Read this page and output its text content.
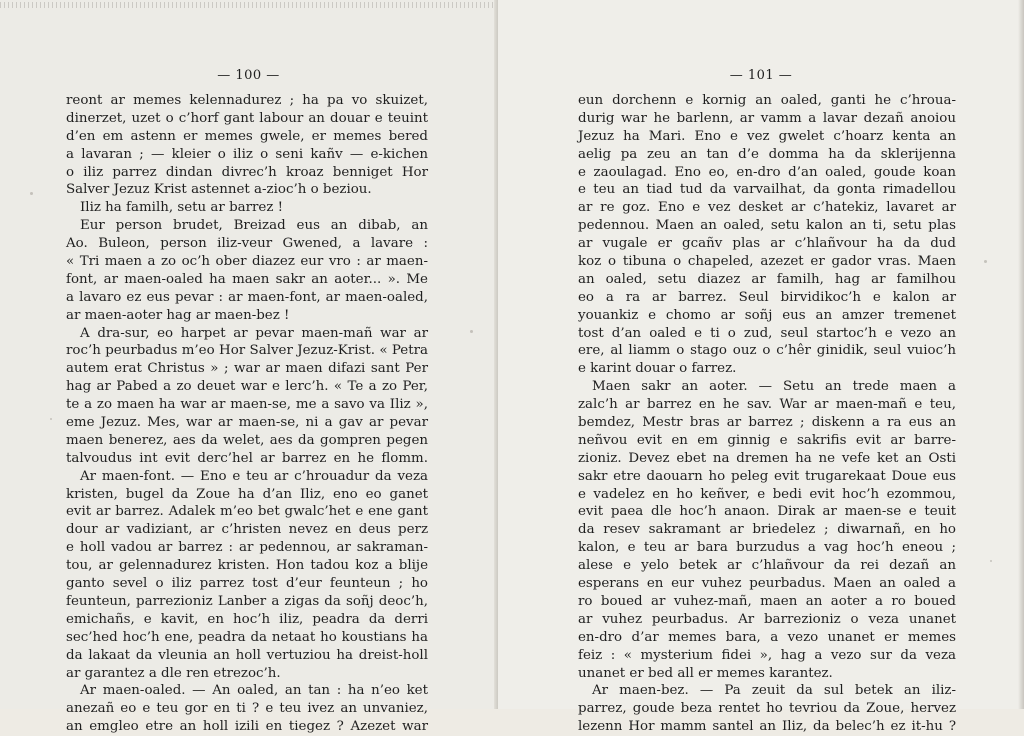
— 100 —
reont ar memes kelennadurez ; ha pa vo skuizet,
dinerzet, uzet o c’horf gant labour an douar e teuint
d’en em astenn er memes gwele, er memes bered
a lavaran ; — kleier o iliz o seni kañv — e-kichen
o iliz parrez dindan divrec’h kroaz benniget Hor
Salver Jezuz Krist astennet a-zioc’h o beziou.
Iliz ha familh, setu ar barrez !
Eur person brudet, Breizad eus an dibab, an
Ao. Buleon, person iliz-veur Gwened, a lavare :
« Tri maen a zo oc’h ober diazez eur vro : ar maen-
font, ar maen-oaled ha maen sakr an aoter... ». Me
a lavaro ez eus pevar : ar maen-font, ar maen-oaled,
ar maen-aoter hag ar maen-bez !
A dra-sur, eo harpet ar pevar maen-mañ war ar
roc’h peurbadus m’eo Hor Salver Jezuz-Krist. « Petra
autem erat Christus » ; war ar maen difazi sant Per
hag ar Pabed a zo deuet war e lerc’h. « Te a zo Per,
te a zo maen ha war ar maen-se, me a savo va Iliz »,
eme Jezuz. Mes, war ar maen-se, ni a gav ar pevar
maen benerez, aes da welet, aes da gompren pegen
talvoudus int evit derc’hel ar barrez en he flomm.
Ar maen-font. — Eno e teu ar c’hrouadur da veza
kristen, bugel da Zoue ha d’an Iliz, eno eo ganet
evit ar barrez. Adalek m’eo bet gwalc’het e ene gant
dour ar vadiziant, ar c’hristen nevez en deus perz
e holl vadou ar barrez : ar pedennou, ar sakraman-
tou, ar gelennadurez kristen. Hon tadou koz a blije
ganto sevel o iliz parrez tost d’eur feunteun ; ho
feunteun, parrezioniz Lanber a zigas da soñj deoc’h,
emichañs, e kavit, en hoc’h iliz, peadra da derri
sec’hed hoc’h ene, peadra da netaat ho koustians ha
da lakaat da vleunia an holl vertuziou ha dreist-holl
ar garantez a dle ren etrezoc’h.
Ar maen-oaled. — An oaled, an tan : ha n’eo ket
anezañ eo e teu gor en ti ? e teu ivez an unvaniez,
an emgleo etre an holl izili en tiegez ? Azezet war
— 101 —
eun dorchenn e kornig an oaled, ganti he c’hroua-
durig war he barlenn, ar vamm a lavar dezañ anoiou
Jezuz ha Mari. Eno e vez gwelet c’hoarz kenta an
aelig pa zeu an tan d’e domma ha da sklerijenna
e zaoulagad. Eno eo, en-dro d’an oaled, goude koan
e teu an tiad tud da varvailhat, da gonta rimadellou
ar re goz. Eno e vez desket ar c’hatekiz, lavaret ar
pedennou. Maen an oaled, setu kalon an ti, setu plas
ar vugale er gcañv plas ar c’hlañvour ha da dud
koz o tibuna o chapeled, azezet er gador vras. Maen
an oaled, setu diazez ar familh, hag ar familhou
eo a ra ar barrez. Seul birvidikoc’h e kalon ar
youankiz e chomo ar soñj eus an amzer tremenet
tost d’an oaled e ti o zud, seul startoc’h e vezo an
ere, al liamm o stago ouz o c’hêr ginidik, seul vuioc’h
e karint douar o farrez.
Maen sakr an aoter. — Setu an trede maen a
zalc’h ar barrez en he sav. War ar maen-mañ e teu,
bemdez, Mestr bras ar barrez ; diskenn a ra eus an
neñvou evit en em ginnig e sakrifis evit ar barre-
zioniz. Devez ebet na dremen ha ne vefe ket an Osti
sakr etre daouarn ho peleg evit trugarekaat Doue eus
e vadelez en ho keñver, e bedi evit hoc’h ezommou,
evit paea dle hoc’h anaon. Dirak ar maen-se e teuit
da resev sakramant ar briedelez ; diwarnañ, en ho
kalon, e teu ar bara burzudus a vag hoc’h eneou ;
alese e yelo betek ar c’hlañvour da rei dezañ an
esperans en eur vuhez peurbadus. Maen an oaled a
ro boued ar vuhez-mañ, maen an aoter a ro boued
ar vuhez peurbadus. Ar barrezioniz o veza unanet
en-dro d’ar memes bara, a vezo unanet er memes
feiz : « mysterium fidei », hag a vezo sur da veza
unanet er bed all er memes karantez.
Ar maen-bez. — Pa zeuit da sul betek an iliz-
parrez, goude beza rentet ho tevriou da Zoue, hervez
lezenn Hor mamm santel an Iliz, da belec’h ez it-hu ?
